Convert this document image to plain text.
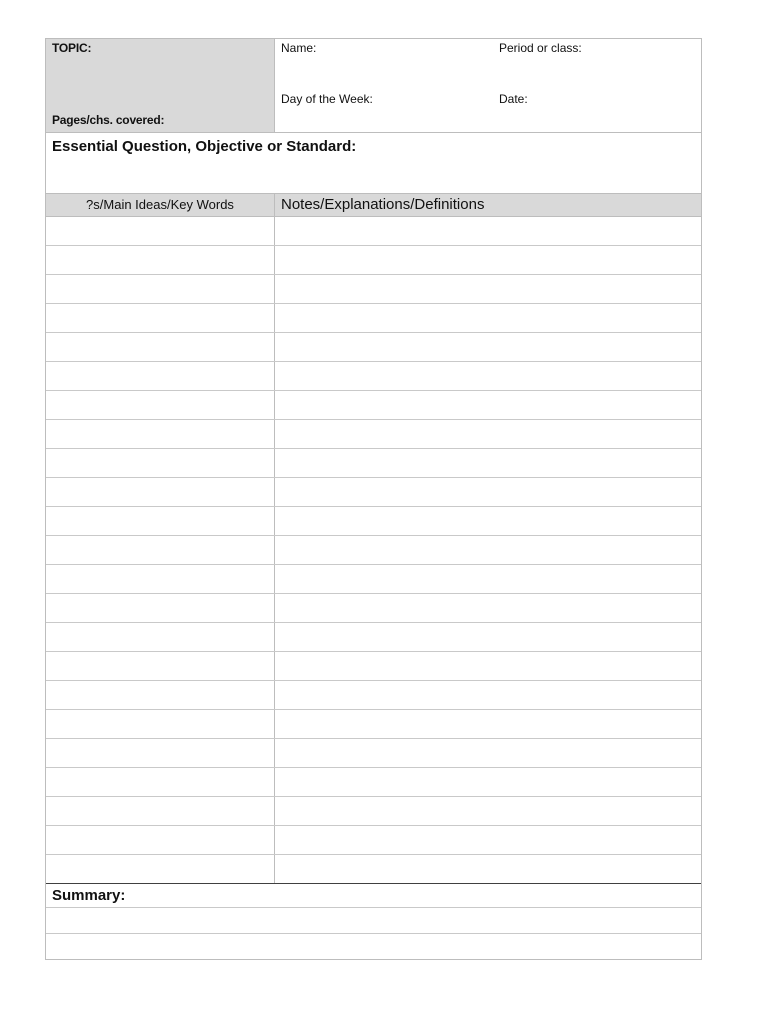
TOPIC:
Pages/chs. covered:
Name:	Period or class:
Day of the Week:	Date:
Essential Question, Objective or Standard:
?s/Main Ideas/Key Words	Notes/Explanations/Definitions
Summary:
